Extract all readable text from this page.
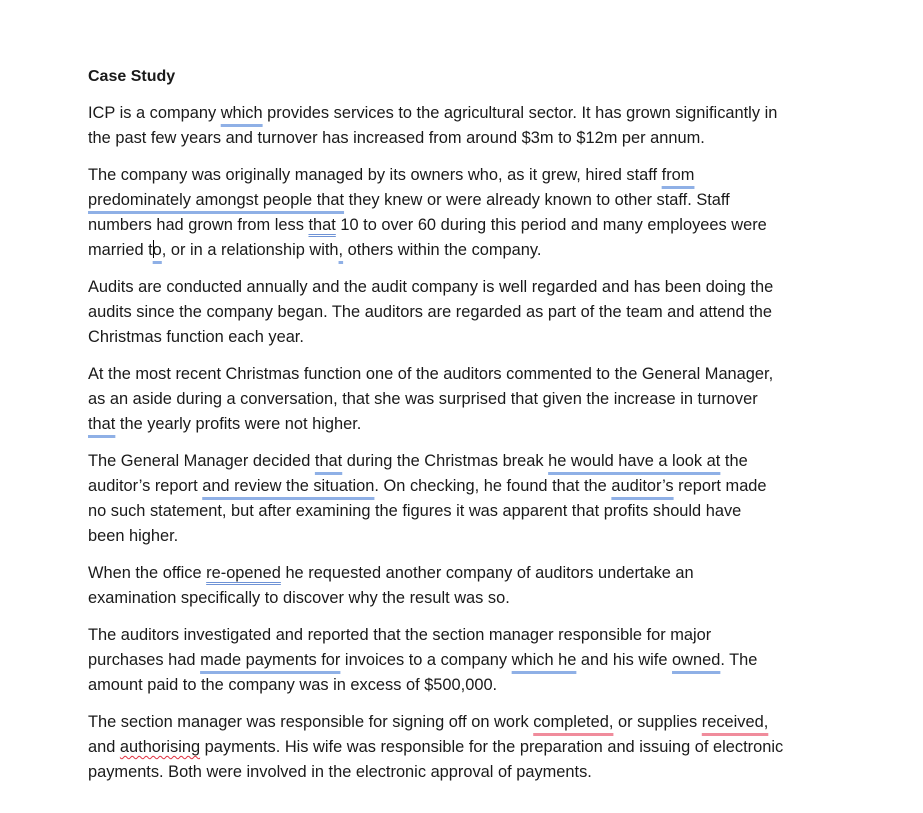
Case Study

ICP is a company which provides services to the agricultural sector. It has grown significantly in
the past few years and turnover has increased from around $3m to $12m per annum.

The company was originally managed by its owners who, as it grew, hired staff from
predominately amongst people that they knew or were already known to other staff. Staff
numbers had grown from less that 10 to over 60 during this period and many employees were
married to, or in a relationship with, others within the company.

Audits are conducted annually and the audit company is well regarded and has been doing the
audits since the company began. The auditors are regarded as part of the team and attend the
Christmas function each year.

At the most recent Christmas function one of the auditors commented to the General Manager,
as an aside during a conversation, that she was surprised that given the increase in turnover
that the yearly profits were not higher.

The General Manager decided that during the Christmas break he would have a look at the
auditor’s report and review the situation. On checking, he found that the auditor’s report made
no such statement, but after examining the figures it was apparent that profits should have
been higher.

When the office re-opened he requested another company of auditors undertake an
examination specifically to discover why the result was so.

The auditors investigated and reported that the section manager responsible for major
purchases had made payments for invoices to a company which he and his wife owned. The
amount paid to the company was in excess of $500,000.

The section manager was responsible for signing off on work completed, or supplies received,
and authorising payments. His wife was responsible for the preparation and issuing of electronic
payments. Both were involved in the electronic approval of payments.
